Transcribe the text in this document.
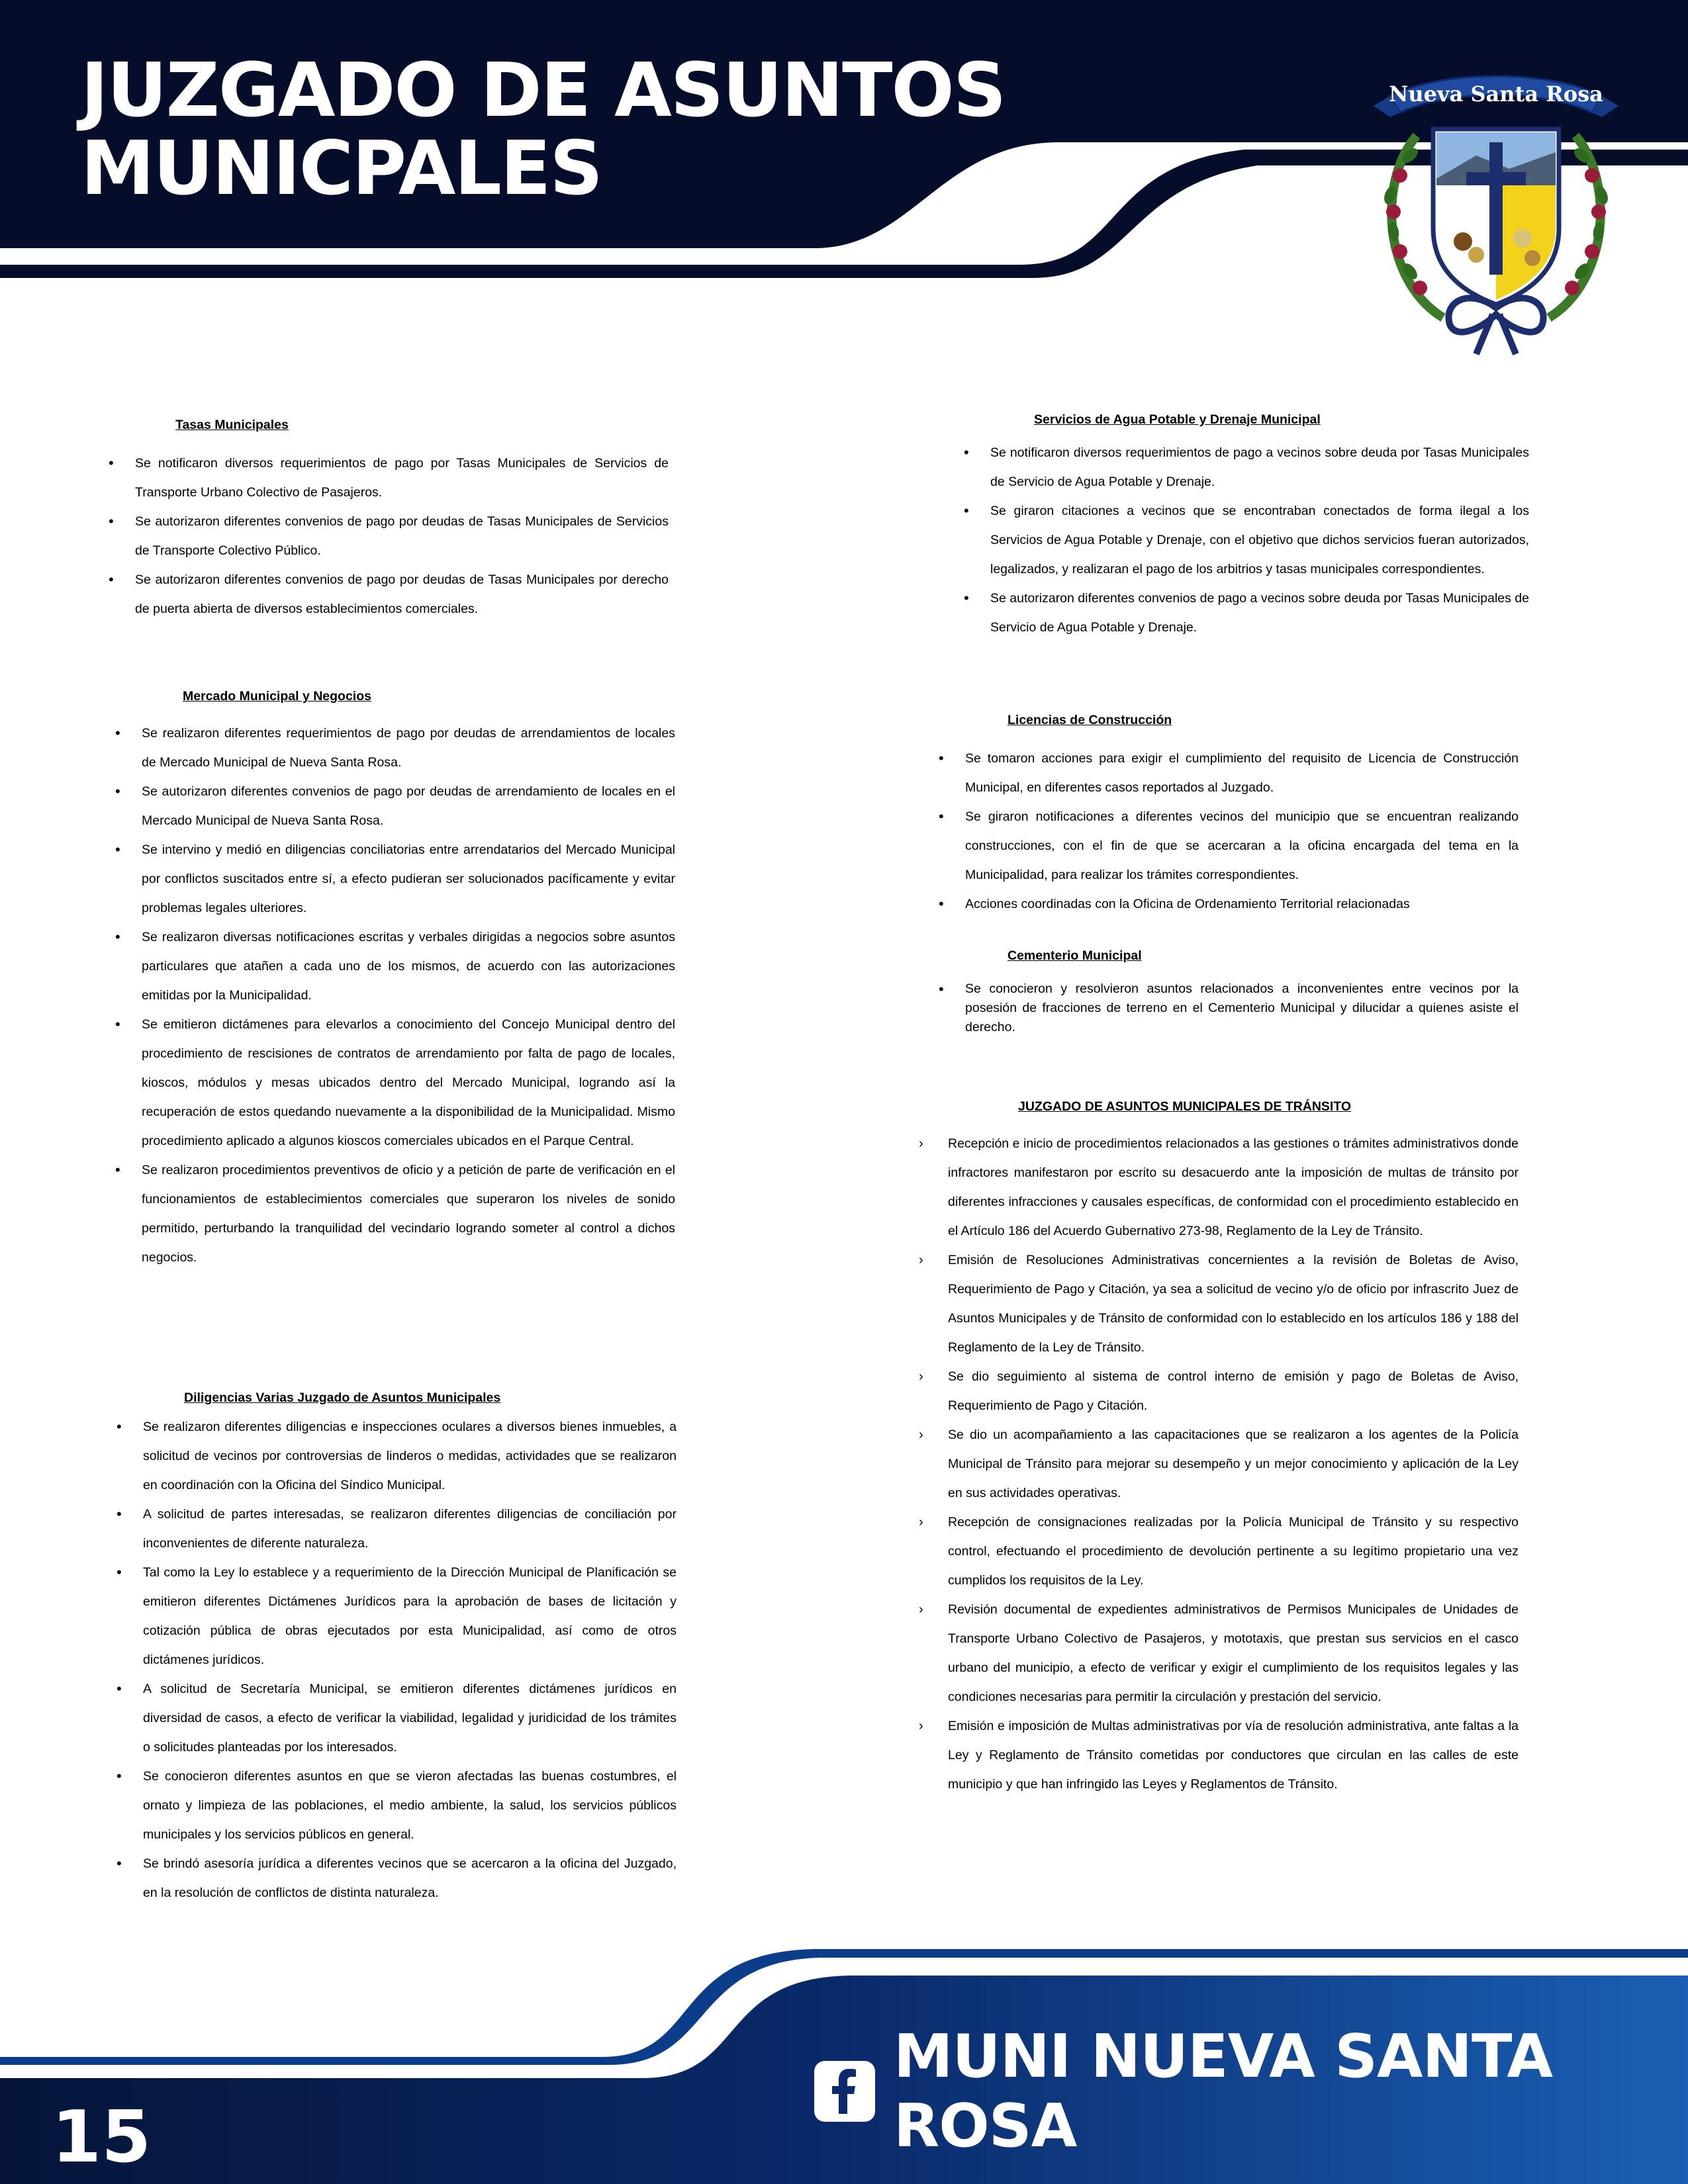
JUZGADO DE ASUNTOS
MUNICPALES
Nueva Santa Rosa
Tasas Municipales
• Se notificaron diversos requerimientos de pago por Tasas Municipales de Servicios de Transporte Urbano Colectivo de Pasajeros.
• Se autorizaron diferentes convenios de pago por deudas de Tasas Municipales de Servicios de Transporte Colectivo Público.
• Se autorizaron diferentes convenios de pago por deudas de Tasas Municipales por derecho de puerta abierta de diversos establecimientos comerciales.
Mercado Municipal y Negocios
• Se realizaron diferentes requerimientos de pago por deudas de arrendamientos de locales de Mercado Municipal de Nueva Santa Rosa.
• Se autorizaron diferentes convenios de pago por deudas de arrendamiento de locales en el Mercado Municipal de Nueva Santa Rosa.
• Se intervino y medió en diligencias conciliatorias entre arrendatarios del Mercado Municipal por conflictos suscitados entre sí, a efecto pudieran ser solucionados pacíficamente y evitar problemas legales ulteriores.
• Se realizaron diversas notificaciones escritas y verbales dirigidas a negocios sobre asuntos particulares que atañen a cada uno de los mismos, de acuerdo con las autorizaciones emitidas por la Municipalidad.
• Se emitieron dictámenes para elevarlos a conocimiento del Concejo Municipal dentro del procedimiento de rescisiones de contratos de arrendamiento por falta de pago de locales, kioscos, módulos y mesas ubicados dentro del Mercado Municipal, logrando así la recuperación de estos quedando nuevamente a la disponibilidad de la Municipalidad. Mismo procedimiento aplicado a algunos kioscos comerciales ubicados en el Parque Central.
• Se realizaron procedimientos preventivos de oficio y a petición de parte de verificación en el funcionamientos de establecimientos comerciales que superaron los niveles de sonido permitido, perturbando la tranquilidad del vecindario logrando someter al control a dichos negocios.
Diligencias Varias Juzgado de Asuntos Municipales
• Se realizaron diferentes diligencias e inspecciones oculares a diversos bienes inmuebles, a solicitud de vecinos por controversias de linderos o medidas, actividades que se realizaron en coordinación con la Oficina del Síndico Municipal.
• A solicitud de partes interesadas, se realizaron diferentes diligencias de conciliación por inconvenientes de diferente naturaleza.
• Tal como la Ley lo establece y a requerimiento de la Dirección Municipal de Planificación se emitieron diferentes Dictámenes Jurídicos para la aprobación de bases de licitación y cotización pública de obras ejecutados por esta Municipalidad, así como de otros dictámenes jurídicos.
• A solicitud de Secretaría Municipal, se emitieron diferentes dictámenes jurídicos en diversidad de casos, a efecto de verificar la viabilidad, legalidad y juridicidad de los trámites o solicitudes planteadas por los interesados.
• Se conocieron diferentes asuntos en que se vieron afectadas las buenas costumbres, el ornato y limpieza de las poblaciones, el medio ambiente, la salud, los servicios públicos municipales y los servicios públicos en general.
• Se brindó asesoría jurídica a diferentes vecinos que se acercaron a la oficina del Juzgado, en la resolución de conflictos de distinta naturaleza.
Servicios de Agua Potable y Drenaje Municipal
• Se notificaron diversos requerimientos de pago a vecinos sobre deuda por Tasas Municipales de Servicio de Agua Potable y Drenaje.
• Se giraron citaciones a vecinos que se encontraban conectados de forma ilegal a los Servicios de Agua Potable y Drenaje, con el objetivo que dichos servicios fueran autorizados, legalizados, y realizaran el pago de los arbitrios y tasas municipales correspondientes.
• Se autorizaron diferentes convenios de pago a vecinos sobre deuda por Tasas Municipales de Servicio de Agua Potable y Drenaje.
Licencias de Construcción
• Se tomaron acciones para exigir el cumplimiento del requisito de Licencia de Construcción Municipal, en diferentes casos reportados al Juzgado.
• Se giraron notificaciones a diferentes vecinos del municipio que se encuentran realizando construcciones, con el fin de que se acercaran a la oficina encargada del tema en la Municipalidad, para realizar los trámites correspondientes.
• Acciones coordinadas con la Oficina de Ordenamiento Territorial relacionadas
Cementerio Municipal
• Se conocieron y resolvieron asuntos relacionados a inconvenientes entre vecinos por la posesión de fracciones de terreno en el Cementerio Municipal y dilucidar a quienes asiste el derecho.
JUZGADO DE ASUNTOS MUNICIPALES DE TRÁNSITO
› Recepción e inicio de procedimientos relacionados a las gestiones o trámites administrativos donde infractores manifestaron por escrito su desacuerdo ante la imposición de multas de tránsito por diferentes infracciones y causales específicas, de conformidad con el procedimiento establecido en el Artículo 186 del Acuerdo Gubernativo 273-98, Reglamento de la Ley de Tránsito.
› Emisión de Resoluciones Administrativas concernientes a la revisión de Boletas de Aviso, Requerimiento de Pago y Citación, ya sea a solicitud de vecino y/o de oficio por infrascrito Juez de Asuntos Municipales y de Tránsito de conformidad con lo establecido en los artículos 186 y 188 del Reglamento de la Ley de Tránsito.
› Se dio seguimiento al sistema de control interno de emisión y pago de Boletas de Aviso, Requerimiento de Pago y Citación.
› Se dio un acompañamiento a las capacitaciones que se realizaron a los agentes de la Policía Municipal de Tránsito para mejorar su desempeño y un mejor conocimiento y aplicación de la Ley en sus actividades operativas.
› Recepción de consignaciones realizadas por la Policía Municipal de Tránsito y su respectivo control, efectuando el procedimiento de devolución pertinente a su legítimo propietario una vez cumplidos los requisitos de la Ley.
› Revisión documental de expedientes administrativos de Permisos Municipales de Unidades de Transporte Urbano Colectivo de Pasajeros, y mototaxis, que prestan sus servicios en el casco urbano del municipio, a efecto de verificar y exigir el cumplimiento de los requisitos legales y las condiciones necesarias para permitir la circulación y prestación del servicio.
› Emisión e imposición de Multas administrativas por vía de resolución administrativa, ante faltas a la Ley y Reglamento de Tránsito cometidas por conductores que circulan en las calles de este municipio y que han infringido las Leyes y Reglamentos de Tránsito.
MUNI NUEVA SANTA ROSA
15
